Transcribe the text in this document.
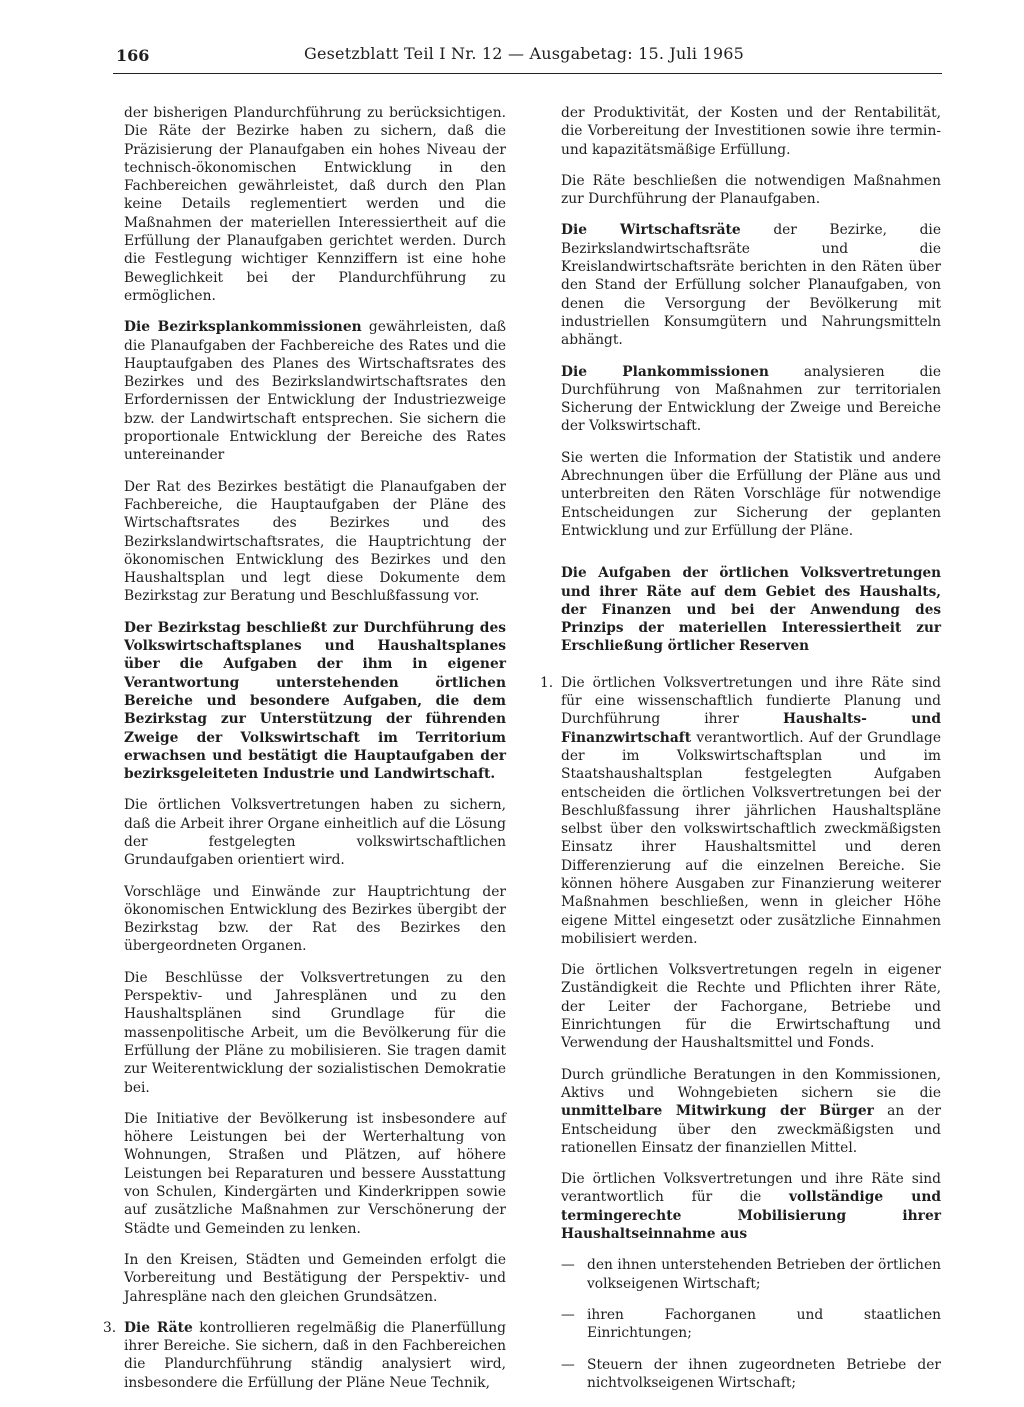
166	Gesetzblatt Teil I Nr. 12 — Ausgabetag: 15. Juli 1965

der bisherigen Plandurchführung zu berücksichtigen. Die Räte der Bezirke haben zu sichern, daß die Präzisierung der Planaufgaben ein hohes Niveau der technisch-ökonomischen Entwicklung in den Fachbereichen gewährleistet, daß durch den Plan keine Details reglementiert werden und die Maßnahmen der materiellen Interessiertheit auf die Erfüllung der Planaufgaben gerichtet werden. Durch die Festlegung wichtiger Kennziffern ist eine hohe Beweglichkeit bei der Plandurchführung zu ermöglichen.

Die Bezirksplankommissionen gewährleisten, daß die Planaufgaben der Fachbereiche des Rates und die Hauptaufgaben des Planes des Wirtschaftsrates des Bezirkes und des Bezirkslandwirtschaftsrates den Erfordernissen der Entwicklung der Industriezweige bzw. der Landwirtschaft entsprechen. Sie sichern die proportionale Entwicklung der Bereiche des Rates untereinander

Der Rat des Bezirkes bestätigt die Planaufgaben der Fachbereiche, die Hauptaufgaben der Pläne des Wirtschaftsrates des Bezirkes und des Bezirkslandwirtschaftsrates, die Hauptrichtung der ökonomischen Entwicklung des Bezirkes und den Haushaltsplan und legt diese Dokumente dem Bezirkstag zur Beratung und Beschlußfassung vor.

Der Bezirkstag beschließt zur Durchführung des Volkswirtschaftsplanes und Haushaltsplanes über die Aufgaben der ihm in eigener Verantwortung unterstehenden örtlichen Bereiche und besondere Aufgaben, die dem Bezirkstag zur Unterstützung der führenden Zweige der Volkswirtschaft im Territorium erwachsen und bestätigt die Hauptaufgaben der bezirksgeleiteten Industrie und Landwirtschaft.

Die örtlichen Volksvertretungen haben zu sichern, daß die Arbeit ihrer Organe einheitlich auf die Lösung der festgelegten volkswirtschaftlichen Grundaufgaben orientiert wird.

Vorschläge und Einwände zur Hauptrichtung der ökonomischen Entwicklung des Bezirkes übergibt der Bezirkstag bzw. der Rat des Bezirkes den übergeordneten Organen.

Die Beschlüsse der Volksvertretungen zu den Perspektiv- und Jahresplänen und zu den Haushaltsplänen sind Grundlage für die massenpolitische Arbeit, um die Bevölkerung für die Erfüllung der Pläne zu mobilisieren. Sie tragen damit zur Weiterentwicklung der sozialistischen Demokratie bei.

Die Initiative der Bevölkerung ist insbesondere auf höhere Leistungen bei der Werterhaltung von Wohnungen, Straßen und Plätzen, auf höhere Leistungen bei Reparaturen und bessere Ausstattung von Schulen, Kindergärten und Kinderkrippen sowie auf zusätzliche Maßnahmen zur Verschönerung der Städte und Gemeinden zu lenken.

In den Kreisen, Städten und Gemeinden erfolgt die Vorbereitung und Bestätigung der Perspektiv- und Jahrespläne nach den gleichen Grundsätzen.

3. Die Räte kontrollieren regelmäßig die Planerfüllung ihrer Bereiche. Sie sichern, daß in den Fachbereichen die Plandurchführung ständig analysiert wird, insbesondere die Erfüllung der Pläne Neue Technik,

der Produktivität, der Kosten und der Rentabilität, die Vorbereitung der Investitionen sowie ihre termin- und kapazitätsmäßige Erfüllung.

Die Räte beschließen die notwendigen Maßnahmen zur Durchführung der Planaufgaben.

Die Wirtschaftsräte der Bezirke, die Bezirkslandwirtschaftsräte und die Kreislandwirtschaftsräte berichten in den Räten über den Stand der Erfüllung solcher Planaufgaben, von denen die Versorgung der Bevölkerung mit industriellen Konsumgütern und Nahrungsmitteln abhängt.

Die Plankommissionen analysieren die Durchführung von Maßnahmen zur territorialen Sicherung der Entwicklung der Zweige und Bereiche der Volkswirtschaft.

Sie werten die Information der Statistik und andere Abrechnungen über die Erfüllung der Pläne aus und unterbreiten den Räten Vorschläge für notwendige Entscheidungen zur Sicherung der geplanten Entwicklung und zur Erfüllung der Pläne.

Die Aufgaben der örtlichen Volksvertretungen und ihrer Räte auf dem Gebiet des Haushalts, der Finanzen und bei der Anwendung des Prinzips der materiellen Interessiertheit zur Erschließung örtlicher Reserven

1. Die örtlichen Volksvertretungen und ihre Räte sind für eine wissenschaftlich fundierte Planung und Durchführung ihrer Haushalts- und Finanzwirtschaft verantwortlich. Auf der Grundlage der im Volkswirtschaftsplan und im Staatshaushaltsplan festgelegten Aufgaben entscheiden die örtlichen Volksvertretungen bei der Beschlußfassung ihrer jährlichen Haushaltspläne selbst über den volkswirtschaftlich zweckmäßigsten Einsatz ihrer Haushaltsmittel und deren Differenzierung auf die einzelnen Bereiche. Sie können höhere Ausgaben zur Finanzierung weiterer Maßnahmen beschließen, wenn in gleicher Höhe eigene Mittel eingesetzt oder zusätzliche Einnahmen mobilisiert werden.

Die örtlichen Volksvertretungen regeln in eigener Zuständigkeit die Rechte und Pflichten ihrer Räte, der Leiter der Fachorgane, Betriebe und Einrichtungen für die Erwirtschaftung und Verwendung der Haushaltsmittel und Fonds.

Durch gründliche Beratungen in den Kommissionen, Aktivs und Wohngebieten sichern sie die unmittelbare Mitwirkung der Bürger an der Entscheidung über den zweckmäßigsten und rationellen Einsatz der finanziellen Mittel.

Die örtlichen Volksvertretungen und ihre Räte sind verantwortlich für die vollständige und termingerechte Mobilisierung ihrer Haushaltseinnahme aus

— den ihnen unterstehenden Betrieben der örtlichen volkseigenen Wirtschaft;

— ihren Fachorganen und staatlichen Einrichtungen;

— Steuern der ihnen zugeordneten Betriebe der nichtvolkseigenen Wirtschaft;
